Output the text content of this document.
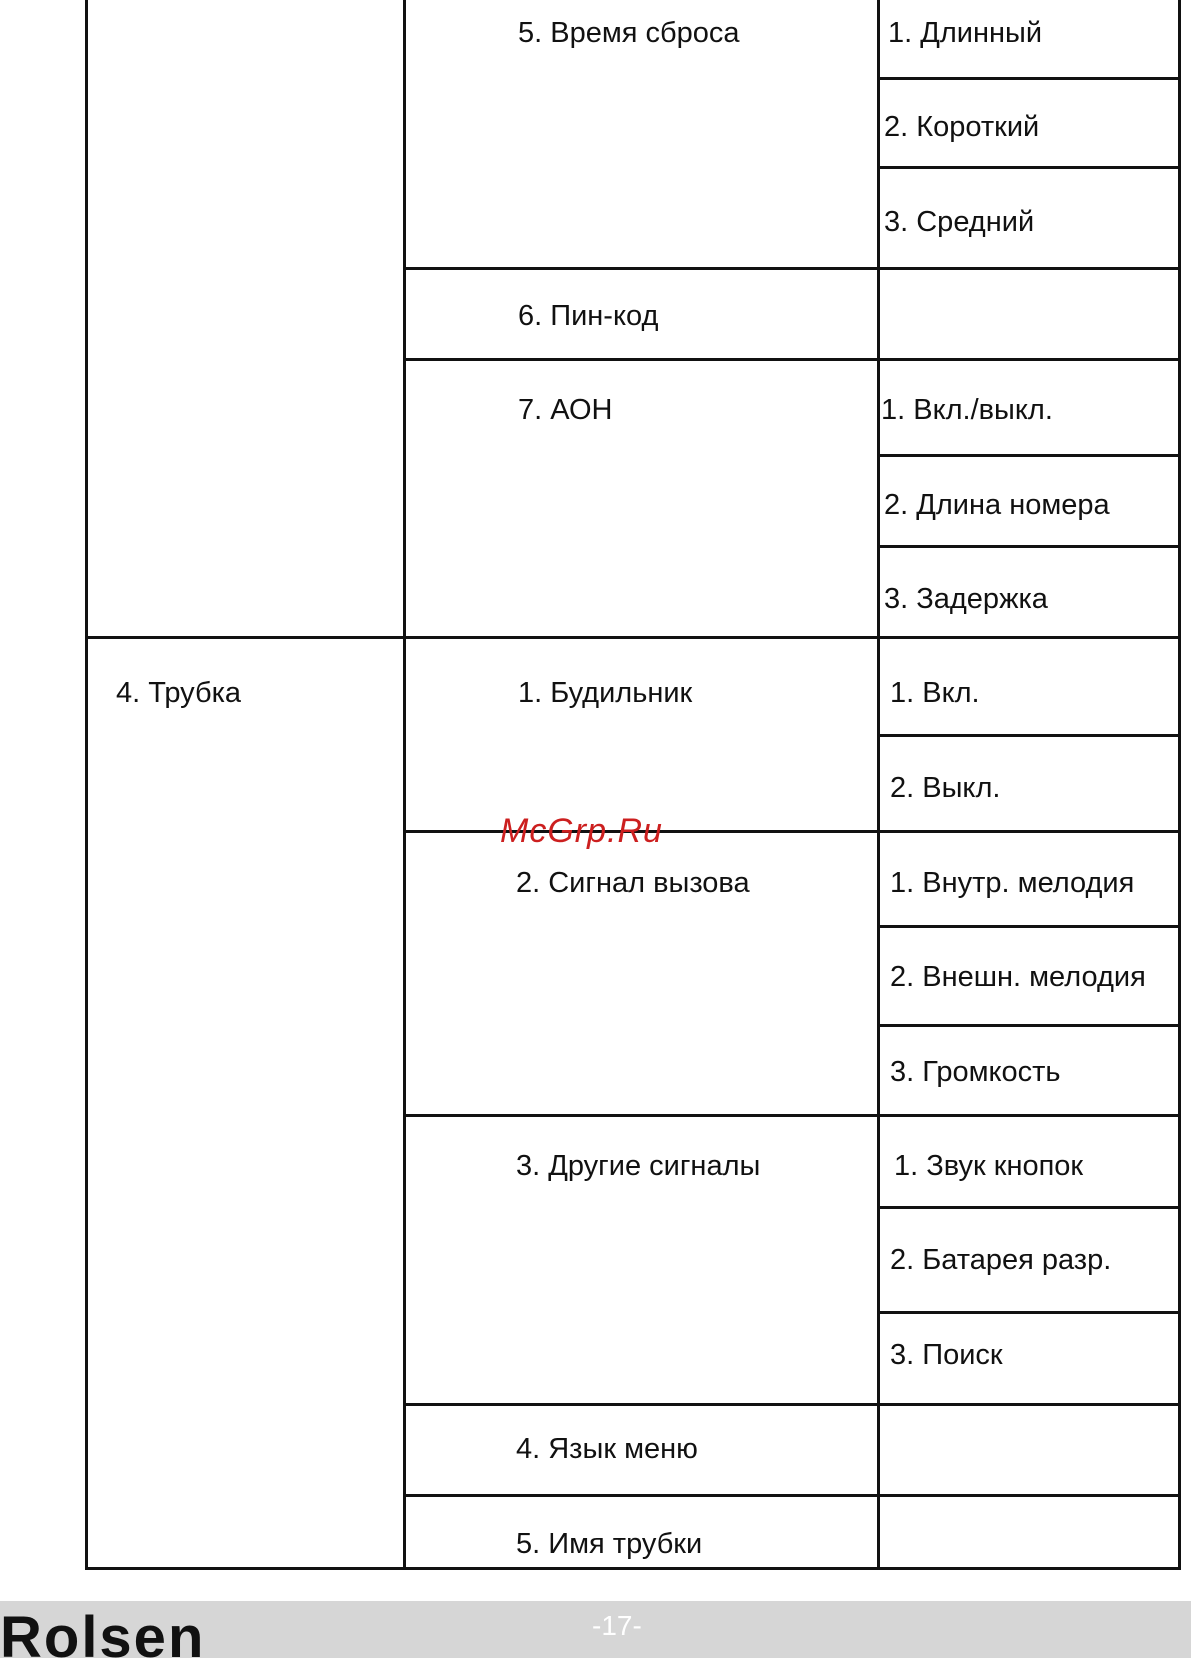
4. Трубка
5. Время сброса
6. Пин-код
7. АОН
1. Будильник
2. Сигнал вызова
3. Другие сигналы
4. Язык меню
5. Имя трубки
1. Длинный
2. Короткий
3. Средний
1. Вкл./выкл.
2. Длина номера
3. Задержка
1. Вкл.
2. Выкл.
1. Внутр. мелодия
2. Внешн. мелодия
3. Громкость
1. Звук кнопок
2. Батарея разр.
3. Поиск
McGrp.Ru
Rolsen	-17-
